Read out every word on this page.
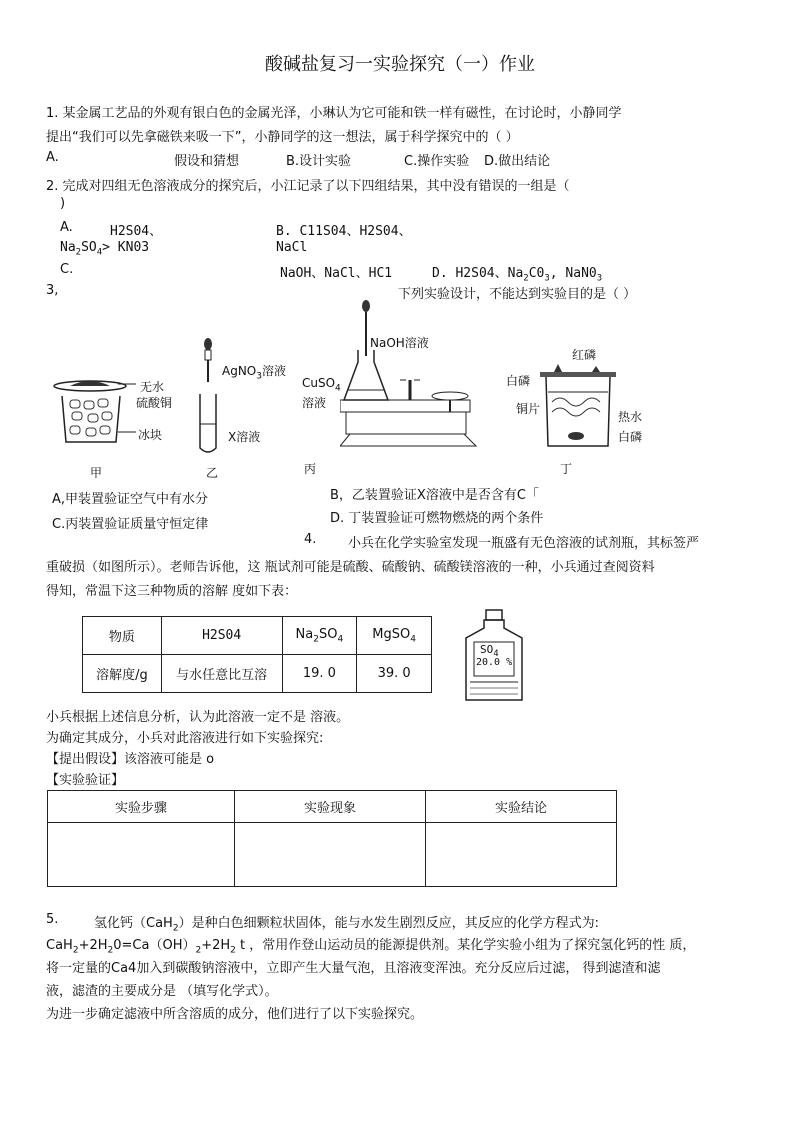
酸碱盐复习一实验探究（一）作业
1. 某金属工艺品的外观有银白色的金属光泽，小琳认为它可能和铁一样有磁性，在讨论时，小静同学
提出“我们可以先拿磁铁来吸一下”，小静同学的这一想法，属于科学探究中的（ ）
A.	假设和猜想	B.设计实验	C.操作实验 D.做出结论
2. 完成对四组无色溶液成分的探究后，小江记录了以下四组结果，其中没有错误的一组是（
)
A.	H2S04、
$Na_2SO_4> KN03$
B. C11S04、H2S04、
NaCl
C.	NaOH、NaCl、HC1	D. H2S04、$Na_2C0_3$, $NaN0_3$
3,	下列实验设计，不能达到实验目的是（ ）
无水
硫酸铜
冰块
甲
AgNO$_3$溶液
X溶液
乙
NaOH溶液
CuSO$_4$
溶液
丙
红磷
白磷
铜片
热水
白磷
丁
A,甲装置验证空气中有水分	B，乙装置验证X溶液中是否含有C「
C.丙装置验证质量守恒定律	D. 丁装置验证可燃物燃烧的两个条件
4. 小兵在化学实验室发现一瓶盛有无色溶液的试剂瓶，其标签严
重破损（如图所示）。老师告诉他，这 瓶试剂可能是硫酸、硫酸钠、硫酸镁溶液的一种，小兵通过查阅资料
得知，常温下这三种物质的溶解 度如下表：
物质	H2S04	$Na_2SO_4$	MgSO$_4$
溶解度/g	与水任意比互溶	19. 0	39. 0
$SO_4$
20.0 %
小兵根据上述信息分析，认为此溶液一定不是 溶液。
为确定其成分，小兵对此溶液进行如下实验探究:
【提出假设】该溶液可能是 o
【实验验证】
实验步骤	实验现象	实验结论

5.	氢化钙（CaH$_2$）是种白色细颗粒状固体，能与水发生剧烈反应，其反应的化学方程式为:
$CaH_2+2H_20=Ca(OH)_2+2H_2$ t ，常用作登山运动员的能源提供剂。某化学实验小组为了探究氢化钙的性 质，
将一定量的Ca4加入到碳酸钠溶液中，立即产生大量气泡，且溶液变浑浊。充分反应后过滤， 得到滤渣和滤
液，滤渣的主要成分是 （填写化学式）。
为进一步确定滤液中所含溶质的成分，他们进行了以下实验探究。
